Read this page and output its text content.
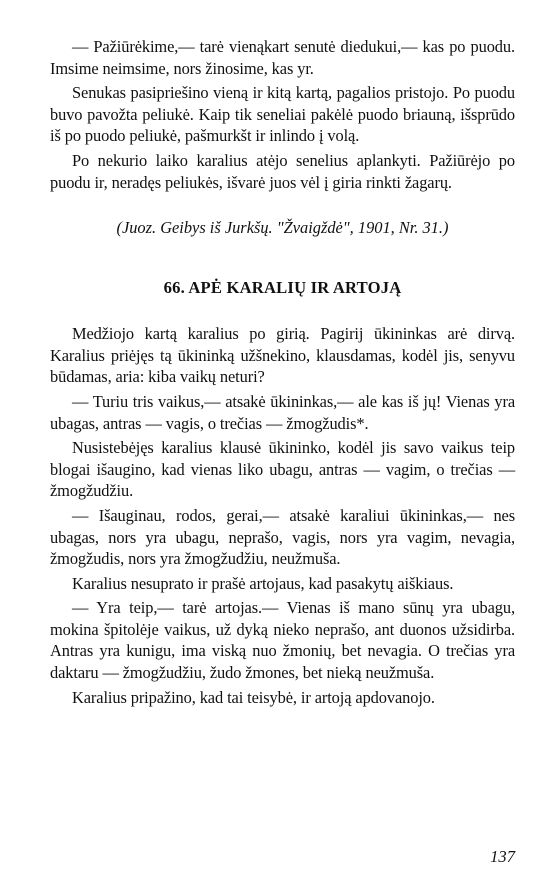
— Pažiūrėkime,— tarė vienąkart senutė diedukui,— kas po puodu. Imsime neimsime, nors žinosime, kas yr.

Senukas pasipriešino vieną ir kitą kartą, pagalios pristojo. Po puodu buvo pavožta peliukė. Kaip tik seneliai pakėlė puodo briauną, išsprūdo iš po puodo peliukė, pašmurkšt ir inlindo į volą.

Po nekurio laiko karalius atėjo senelius aplankyti. Pažiūrėjo po puodu ir, neradęs peliukės, išvarė juos vėl į giria rinkti žagarų.

(Juoz. Geibys iš Jurkšų. "Žvaigždė", 1901, Nr. 31.)

66. APĖ KARALIŲ IR ARTOJĄ

Medžiojo kartą karalius po girią. Pagirij ūkininkas arė dirvą. Karalius priėjęs tą ūkininką užšnekino, klausdamas, kodėl jis, senyvu būdamas, aria: kiba vaikų neturi?

— Turiu tris vaikus,— atsakė ūkininkas,— ale kas iš jų! Vienas yra ubagas, antras — vagis, o trečias — žmogžudis*.

Nusistebėjęs karalius klausė ūkininko, kodėl jis savo vaikus teip blogai išaugino, kad vienas liko ubagu, antras — vagim, o trečias — žmogžudžiu.

— Išauginau, rodos, gerai,— atsakė karaliui ūkininkas,— nes ubagas, nors yra ubagu, neprašo, vagis, nors yra vagim, nevagia, žmogžudis, nors yra žmogžudžiu, neužmuša.

Karalius nesuprato ir prašė artojaus, kad pasakytų aiškiaus.

— Yra teip,— tarė artojas.— Vienas iš mano sūnų yra ubagu, mokina špitolėje vaikus, už dyką nieko neprašo, ant duonos užsidirba. Antras yra kunigu, ima viską nuo žmonių, bet nevagia. O trečias yra daktaru — žmogžudžiu, žudo žmones, bet nieką neužmuša.

Karalius pripažino, kad tai teisybė, ir artoją apdovanojo.

137
